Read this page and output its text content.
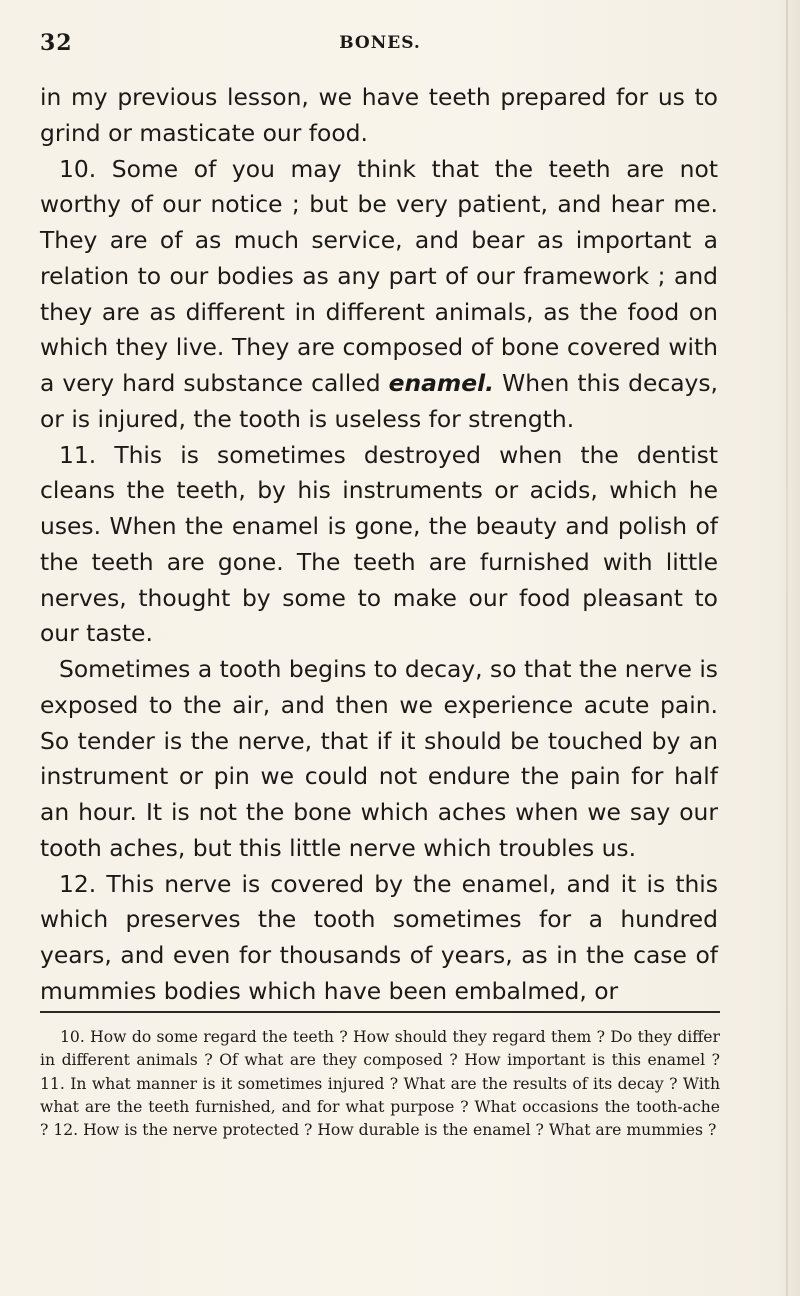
32	BONES.

in my previous lesson, we have teeth prepared for us to grind or masticate our food.

10. Some of you may think that the teeth are not worthy of our notice ; but be very patient, and hear me. They are of as much service, and bear as important a relation to our bodies as any part of our framework ; and they are as different in different animals, as the food on which they live. They are composed of bone covered with a very hard substance called enamel. When this decays, or is injured, the tooth is useless for strength.

11. This is sometimes destroyed when the dentist cleans the teeth, by his instruments or acids, which he uses. When the enamel is gone, the beauty and polish of the teeth are gone. The teeth are furnished with little nerves, thought by some to make our food pleasant to our taste.

Sometimes a tooth begins to decay, so that the nerve is exposed to the air, and then we experience acute pain. So tender is the nerve, that if it should be touched by an instrument or pin we could not endure the pain for half an hour. It is not the bone which aches when we say our tooth aches, but this little nerve which troubles us.

12. This nerve is covered by the enamel, and it is this which preserves the tooth sometimes for a hundred years, and even for thousands of years, as in the case of mummies bodies which have been embalmed, or

10. How do some regard the teeth ? How should they regard them ? Do they differ in different animals ? Of what are they composed ? How important is this enamel ? 11. In what manner is it sometimes injured ? What are the results of its decay ? With what are the teeth furnished, and for what purpose ? What occasions the tooth-ache ? 12. How is the nerve protected ? How durable is the enamel ? What are mummies ?
